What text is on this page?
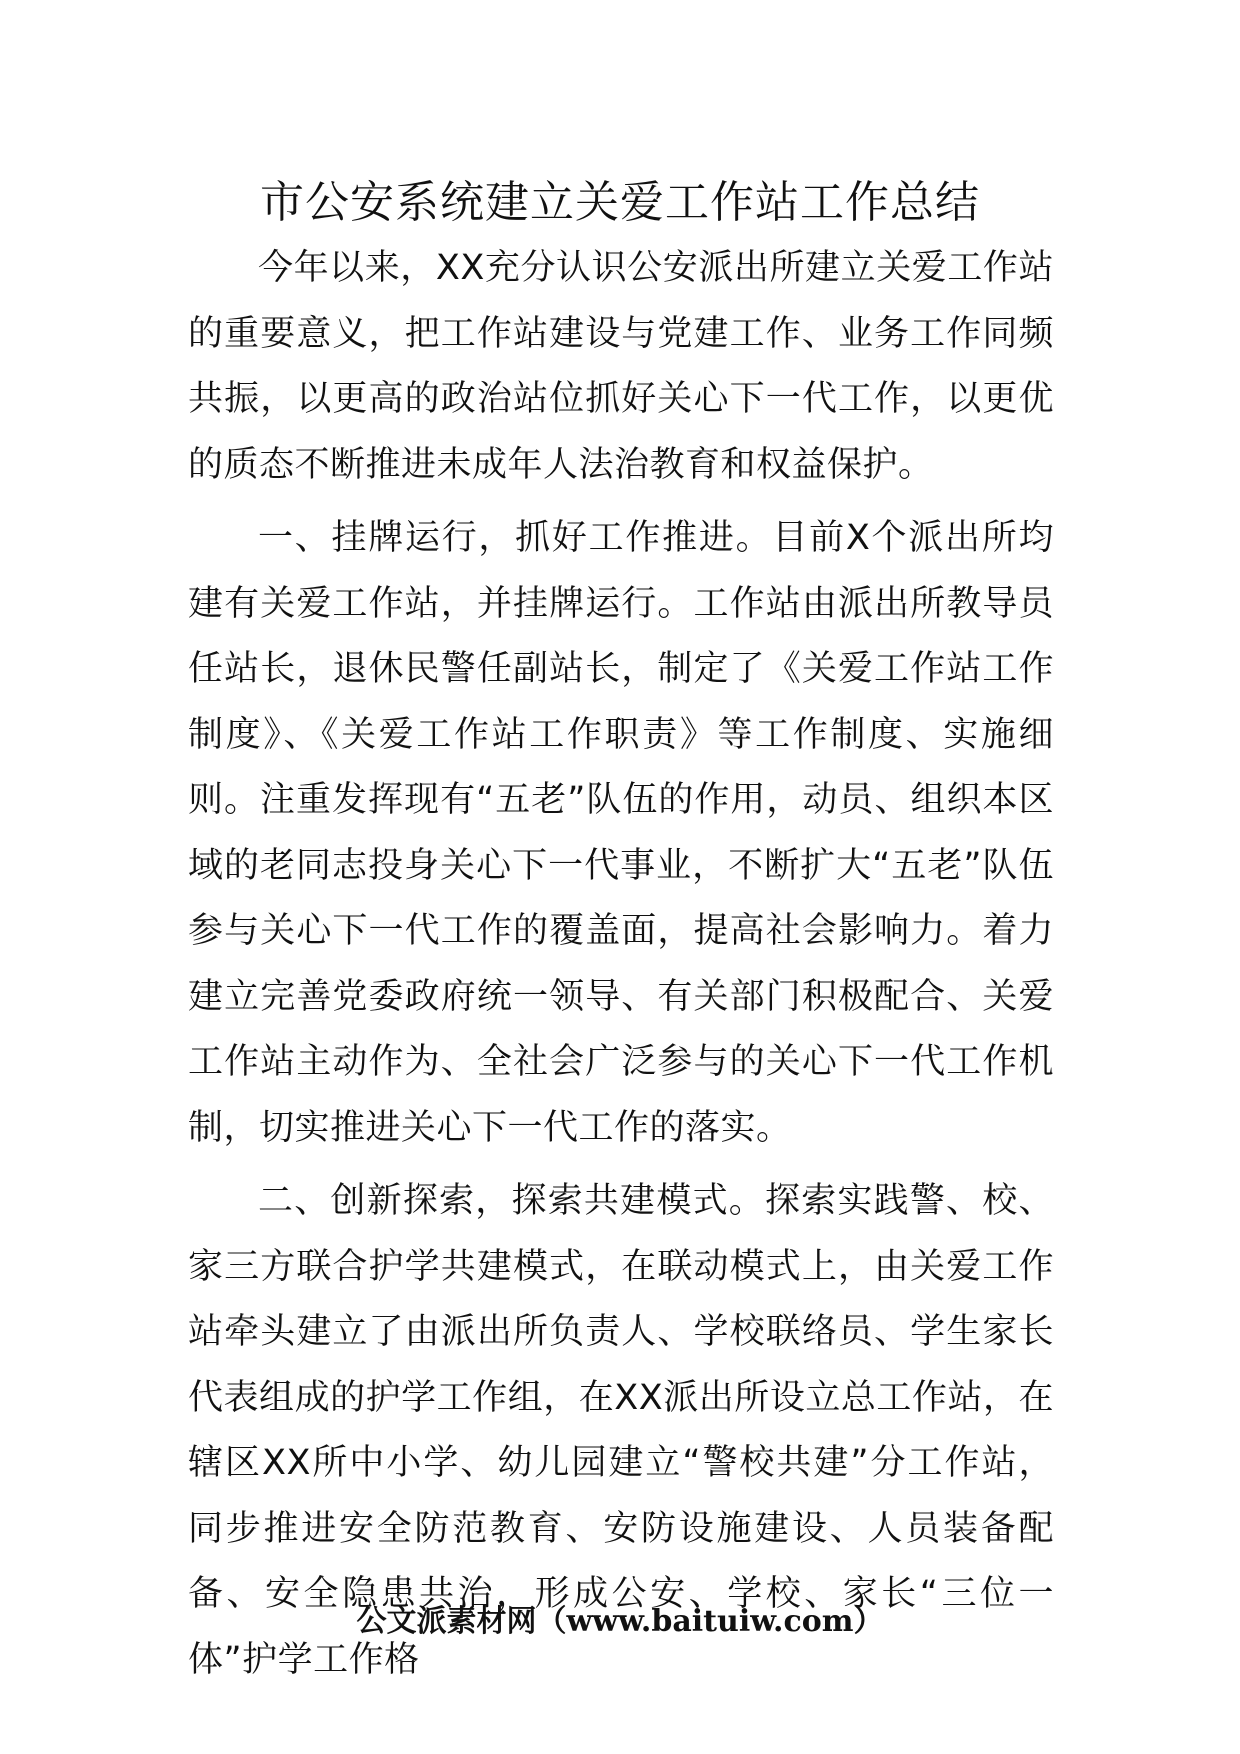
市公安系统建立关爱工作站工作总结

今年以来，XX充分认识公安派出所建立关爱工作站的重要意义，把工作站建设与党建工作、业务工作同频共振，以更高的政治站位抓好关心下一代工作，以更优的质态不断推进未成年人法治教育和权益保护。

一、挂牌运行，抓好工作推进。目前X个派出所均建有关爱工作站，并挂牌运行。工作站由派出所教导员任站长，退休民警任副站长，制定了《关爱工作站工作制度》、《关爱工作站工作职责》等工作制度、实施细则。注重发挥现有“五老”队伍的作用，动员、组织本区域的老同志投身关心下一代事业，不断扩大“五老”队伍参与关心下一代工作的覆盖面，提高社会影响力。着力建立完善党委政府统一领导、有关部门积极配合、关爱工作站主动作为、全社会广泛参与的关心下一代工作机制，切实推进关心下一代工作的落实。

二、创新探索，探索共建模式。探索实践警、校、家三方联合护学共建模式，在联动模式上，由关爱工作站牵头建立了由派出所负责人、学校联络员、学生家长代表组成的护学工作组，在XX派出所设立总工作站，在辖区XX所中小学、幼儿园建立“警校共建”分工作站，同步推进安全防范教育、安防设施建设、人员装备配备、安全隐患共治，形成公安、学校、家长“三位一体”护学工作格

公文派素材网（www.baituiw.com）
